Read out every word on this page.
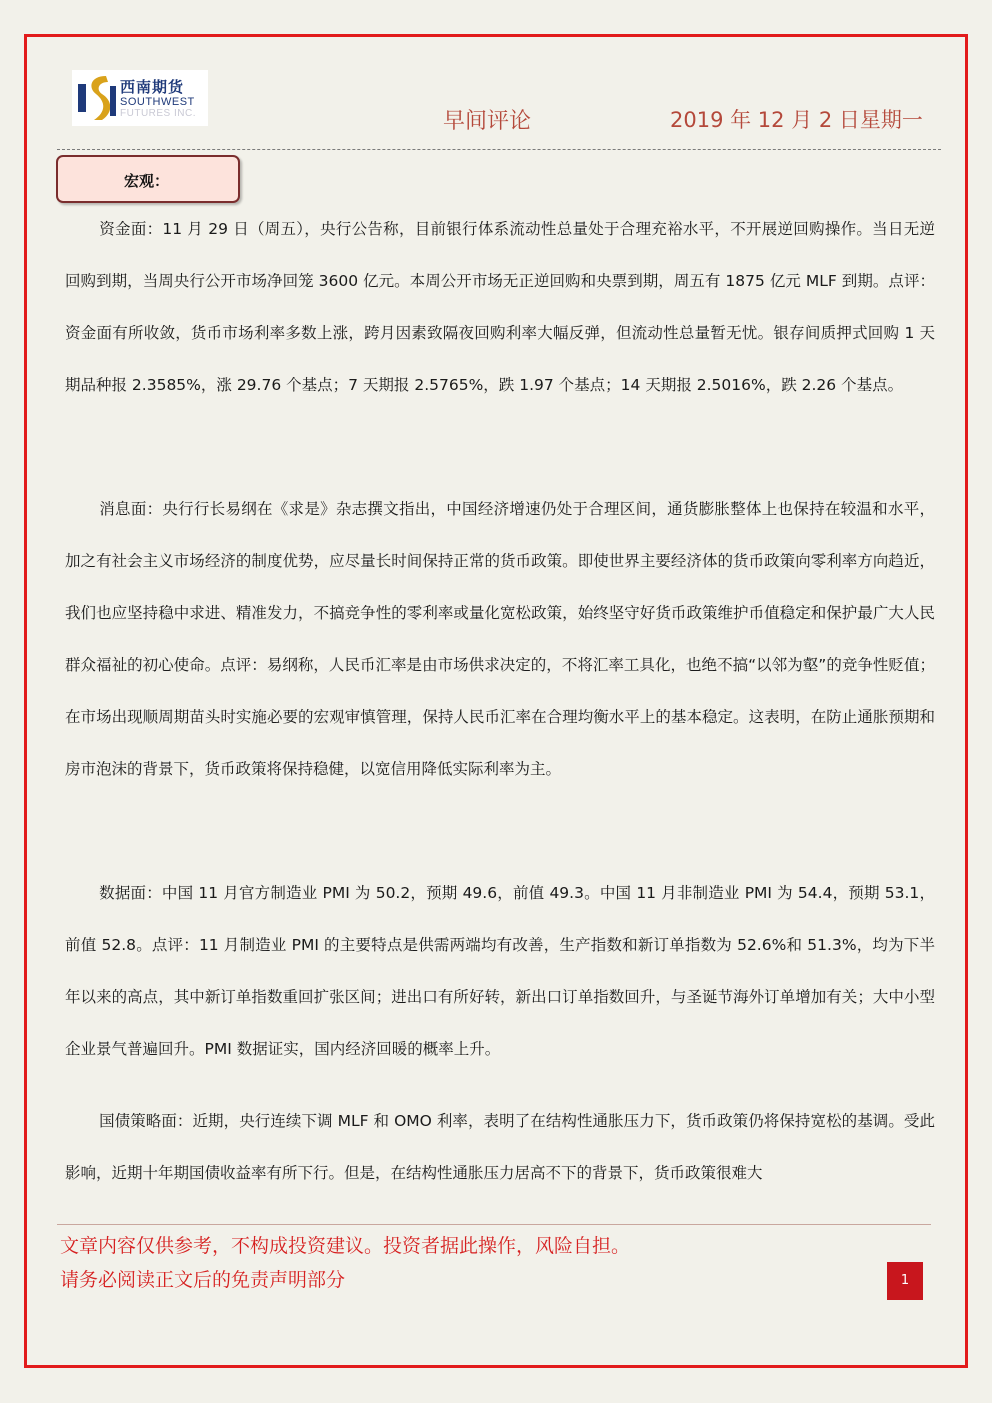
西南期货
SOUTHWEST
FUTURES INC.	早间评论	2019 年 12 月 2 日星期一
宏观：

资金面：11 月 29 日（周五），央行公告称，目前银行体系流动性总量处于合理充裕水平，不开展逆回购操作。当日无逆回购到期，当周央行公开市场净回笼 3600 亿元。本周公开市场无正逆回购和央票到期，周五有 1875 亿元 MLF 到期。点评：资金面有所收敛，货币市场利率多数上涨，跨月因素致隔夜回购利率大幅反弹，但流动性总量暂无忧。银存间质押式回购 1 天期品种报 2.3585%，涨 29.76 个基点；7 天期报 2.5765%，跌 1.97 个基点；14 天期报 2.5016%，跌 2.26 个基点。

消息面：央行行长易纲在《求是》杂志撰文指出，中国经济增速仍处于合理区间，通货膨胀整体上也保持在较温和水平，加之有社会主义市场经济的制度优势，应尽量长时间保持正常的货币政策。即使世界主要经济体的货币政策向零利率方向趋近，我们也应坚持稳中求进、精准发力，不搞竞争性的零利率或量化宽松政策，始终坚守好货币政策维护币值稳定和保护最广大人民群众福祉的初心使命。点评：易纲称，人民币汇率是由市场供求决定的，不将汇率工具化，也绝不搞“以邻为壑”的竞争性贬值；在市场出现顺周期苗头时实施必要的宏观审慎管理，保持人民币汇率在合理均衡水平上的基本稳定。这表明，在防止通胀预期和房市泡沫的背景下，货币政策将保持稳健，以宽信用降低实际利率为主。

数据面：中国 11 月官方制造业 PMI 为 50.2，预期 49.6，前值 49.3。中国 11 月非制造业 PMI 为 54.4，预期 53.1，前值 52.8。点评：11 月制造业 PMI 的主要特点是供需两端均有改善，生产指数和新订单指数为 52.6%和 51.3%，均为下半年以来的高点，其中新订单指数重回扩张区间；进出口有所好转，新出口订单指数回升，与圣诞节海外订单增加有关；大中小型企业景气普遍回升。PMI 数据证实，国内经济回暖的概率上升。

国债策略面：近期，央行连续下调 MLF 和 OMO 利率，表明了在结构性通胀压力下，货币政策仍将保持宽松的基调。受此影响，近期十年期国债收益率有所下行。但是，在结构性通胀压力居高不下的背景下，货币政策很难大

文章内容仅供参考，不构成投资建议。投资者据此操作，风险自担。
请务必阅读正文后的免责声明部分	1
